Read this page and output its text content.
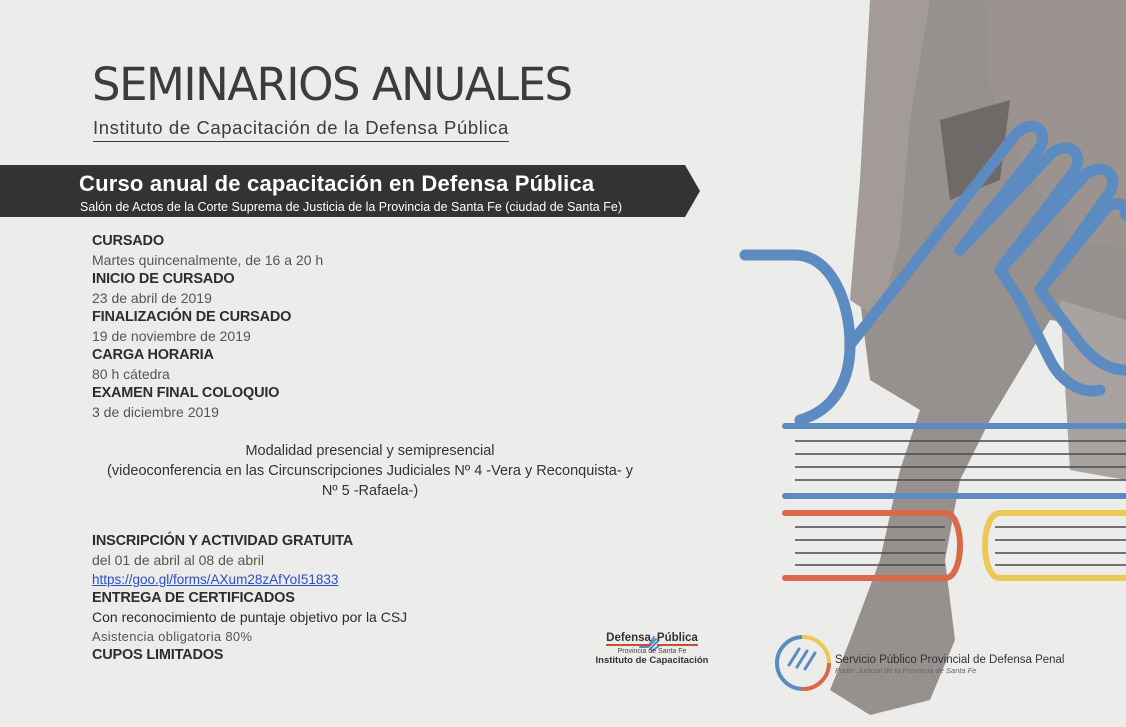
SEMINARIOS ANUALES
Instituto de Capacitación de la Defensa Pública
Curso anual de capacitación en Defensa Pública
Salón de Actos de la Corte Suprema de Justicia de la Provincia de Santa Fe (ciudad de Santa Fe)
CURSADO
Martes quincenalmente, de 16 a 20 h
INICIO DE CURSADO
23 de abril de 2019
FINALIZACIÓN DE CURSADO
19 de noviembre de 2019
CARGA HORARIA
80 h cátedra
EXAMEN FINAL COLOQUIO
3 de diciembre 2019
Modalidad presencial y semipresencial
(videoconferencia en las Circunscripciones Judiciales Nº 4 -Vera y Reconquista- y
Nº 5 -Rafaela-)
INSCRIPCIÓN Y ACTIVIDAD GRATUITA
del 01 de abril al 08 de abril
https://goo.gl/forms/AXum28zAfYoI51833
ENTREGA DE CERTIFICADOS
Con reconocimiento de puntaje objetivo por la CSJ
Asistencia obligatoria 80%
CUPOS LIMITADOS
Defensa Pública
Provincia de Santa Fe
Instituto de Capacitación	Servicio Público Provincial de Defensa Penal
Poder Judicial de la Provincia de Santa Fe
